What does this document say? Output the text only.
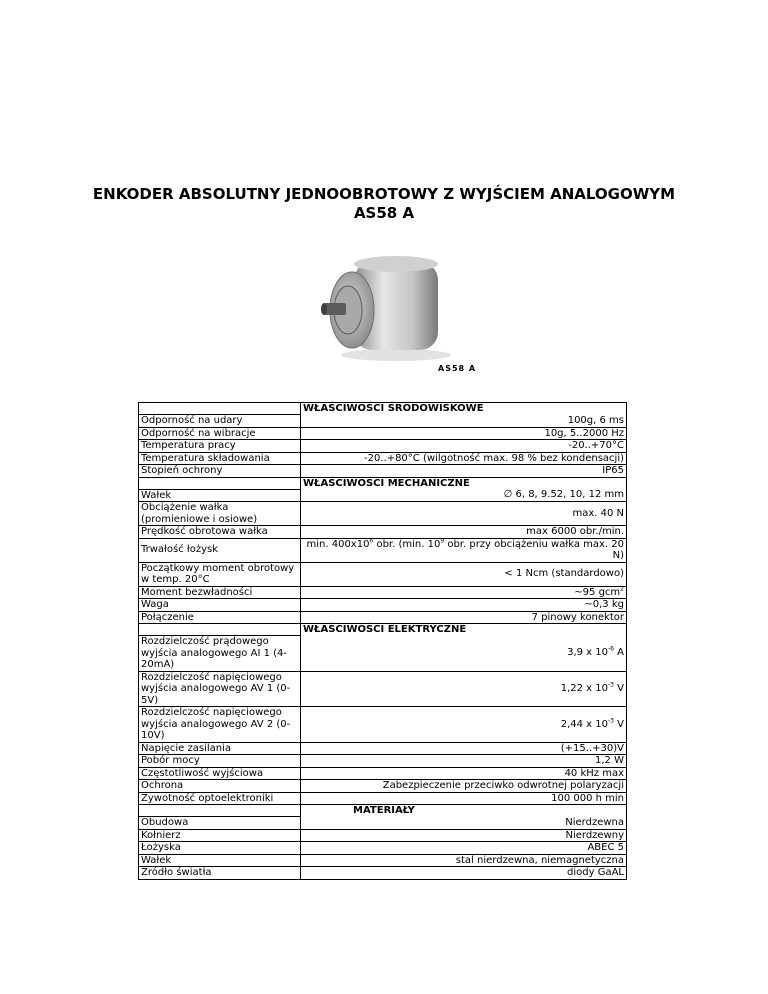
ENKODER ABSOLUTNY JEDNOOBROTOWY Z WYJŚCIEM ANALOGOWYM
AS58 A
AS58 A
	WŁAŚCIWOŚCI ŚRODOWISKOWE
Odporność na udary	100g, 6 ms
Odporność na wibracje	10g, 5..2000 Hz
Temperatura pracy	-20..+70°C
Temperatura składowania	-20..+80°C (wilgotność max. 98 % bez kondensacji)
Stopień ochrony	IP65
	WŁAŚCIWOŚCI MECHANICZNE
Wałek	∅ 6, 8, 9.52, 10, 12 mm
Obciążenie wałka (promieniowe i osiowe)	max. 40 N
Prędkość obrotowa wałka	max 6000 obr./min.
Trwałość łożysk	min. $400x10^6$ obr. (min. $10^9$ obr. przy obciążeniu wałka max. 20 N)
Początkowy moment obrotowy w temp. 20°C	< 1 Ncm (standardowo)
Moment bezwładności	~95 gcm$^2$
Waga	~0,3 kg
Połączenie	7 pinowy konektor
	WŁAŚCIWOŚCI ELEKTRYCZNE
Rozdzielczość prądowego wyjścia analogowego AI 1 (4-20mA)	3,9 x $10^{-6}$ A
Rozdzielczość napięciowego wyjścia analogowego AV 1 (0-5V)	1,22 x $10^{-3}$ V
Rozdzielczość napięciowego wyjścia analogowego AV 2 (0-10V)	2,44 x $10^{-3}$ V
Napięcie zasilania	(+15..+30)V
Pobór mocy	1,2 W
Częstotliwość wyjściowa	40 kHz max
Ochrona	Zabezpieczenie przeciwko odwrotnej polaryzacji
Żywotność optoelektroniki	100 000 h min
	MATERIAŁY
Obudowa	Nierdzewna
Kołnierz	Nierdzewny
Łożyska	ABEC 5
Wałek	stal nierdzewna, niemagnetyczna
Źródło światła	diody GaAL
